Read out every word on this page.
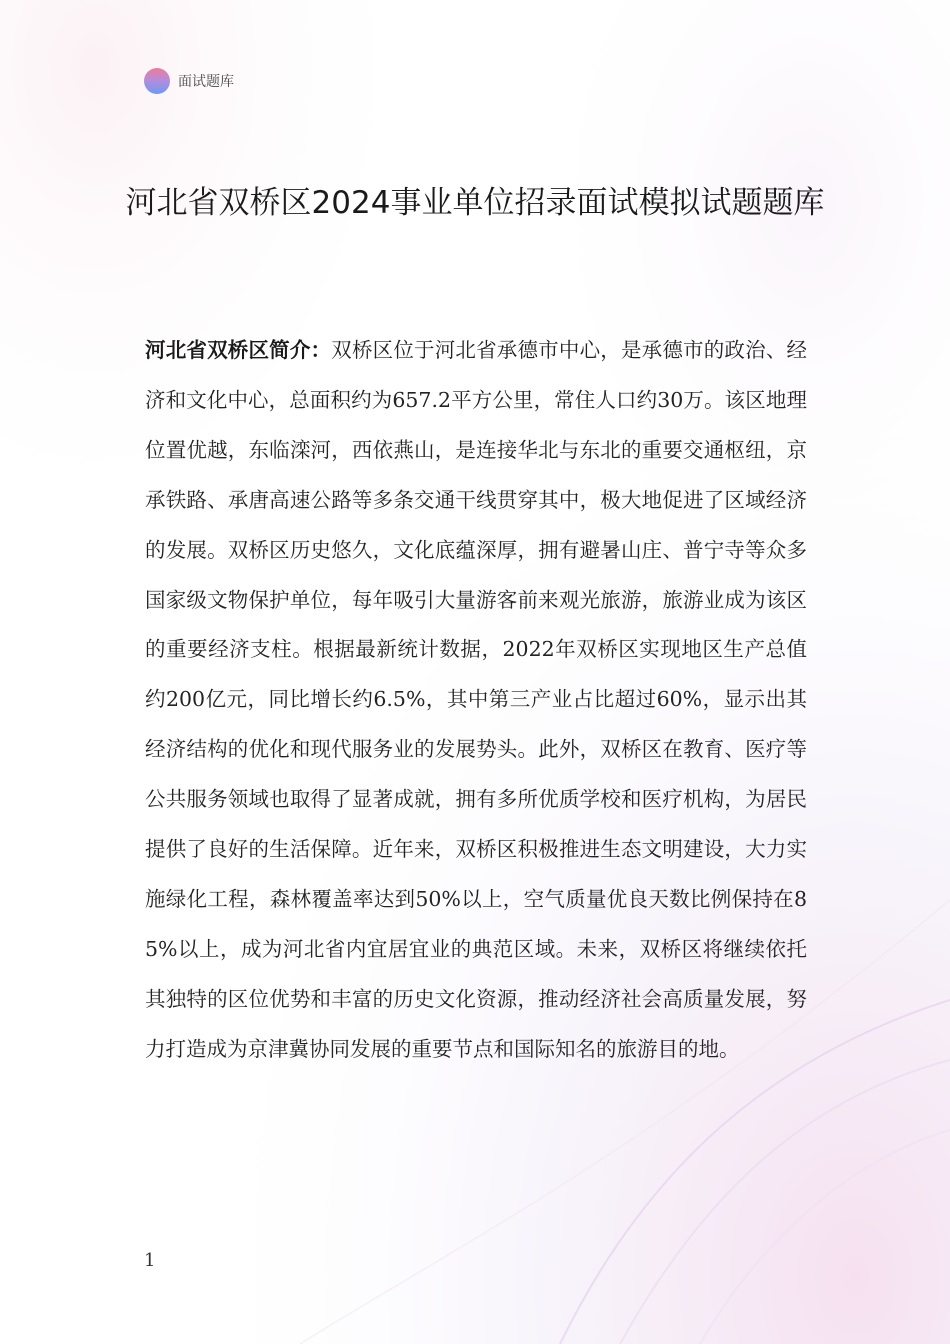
面试题库
河北省双桥区2024事业单位招录面试模拟试题题库
河北省双桥区简介：双桥区位于河北省承德市中心，是承德市的政治、经济和文化中心，总面积约为657.2平方公里，常住人口约30万。该区地理位置优越，东临滦河，西依燕山，是连接华北与东北的重要交通枢纽，京承铁路、承唐高速公路等多条交通干线贯穿其中，极大地促进了区域经济的发展。双桥区历史悠久，文化底蕴深厚，拥有避暑山庄、普宁寺等众多国家级文物保护单位，每年吸引大量游客前来观光旅游，旅游业成为该区的重要经济支柱。根据最新统计数据，2022年双桥区实现地区生产总值约200亿元，同比增长约6.5%，其中第三产业占比超过60%，显示出其经济结构的优化和现代服务业的发展势头。此外，双桥区在教育、医疗等公共服务领域也取得了显著成就，拥有多所优质学校和医疗机构，为居民提供了良好的生活保障。近年来，双桥区积极推进生态文明建设，大力实施绿化工程，森林覆盖率达到50%以上，空气质量优良天数比例保持在85%以上，成为河北省内宜居宜业的典范区域。未来，双桥区将继续依托其独特的区位优势和丰富的历史文化资源，推动经济社会高质量发展，努力打造成为京津冀协同发展的重要节点和国际知名的旅游目的地。
1
